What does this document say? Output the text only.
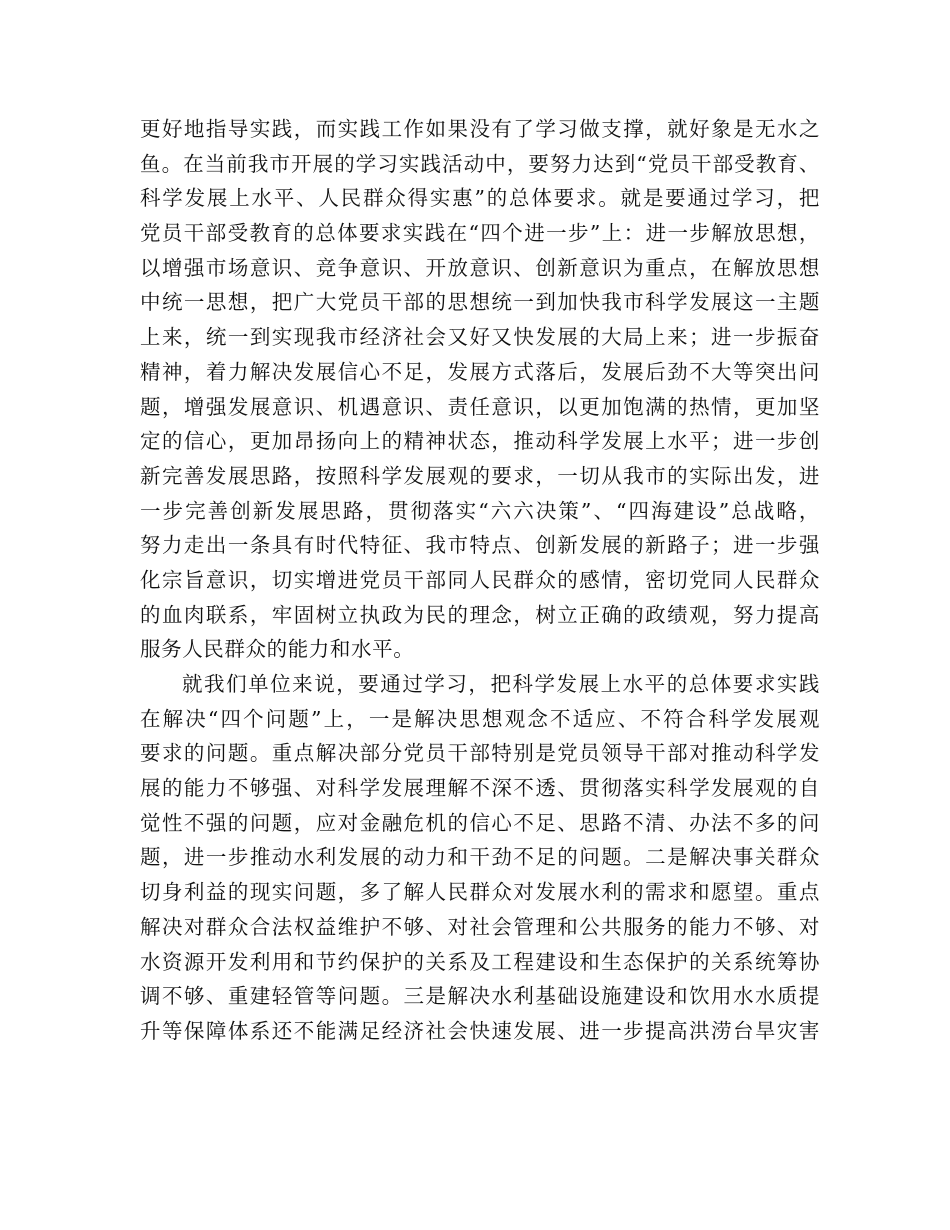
更好地指导实践，而实践工作如果没有了学习做支撑，就好象是无水之
鱼。在当前我市开展的学习实践活动中，要努力达到“党员干部受教育、
科学发展上水平、人民群众得实惠”的总体要求。就是要通过学习，把
党员干部受教育的总体要求实践在“四个进一步”上：进一步解放思想，
以增强市场意识、竞争意识、开放意识、创新意识为重点，在解放思想
中统一思想，把广大党员干部的思想统一到加快我市科学发展这一主题
上来，统一到实现我市经济社会又好又快发展的大局上来；进一步振奋
精神，着力解决发展信心不足，发展方式落后，发展后劲不大等突出问
题，增强发展意识、机遇意识、责任意识，以更加饱满的热情，更加坚
定的信心，更加昂扬向上的精神状态，推动科学发展上水平；进一步创
新完善发展思路，按照科学发展观的要求，一切从我市的实际出发，进
一步完善创新发展思路，贯彻落实“六六决策”、“四海建设”总战略，
努力走出一条具有时代特征、我市特点、创新发展的新路子；进一步强
化宗旨意识，切实增进党员干部同人民群众的感情，密切党同人民群众
的血肉联系，牢固树立执政为民的理念，树立正确的政绩观，努力提高
服务人民群众的能力和水平。
就我们单位来说，要通过学习，把科学发展上水平的总体要求实践
在解决“四个问题”上，一是解决思想观念不适应、不符合科学发展观
要求的问题。重点解决部分党员干部特别是党员领导干部对推动科学发
展的能力不够强、对科学发展理解不深不透、贯彻落实科学发展观的自
觉性不强的问题，应对金融危机的信心不足、思路不清、办法不多的问
题，进一步推动水利发展的动力和干劲不足的问题。二是解决事关群众
切身利益的现实问题，多了解人民群众对发展水利的需求和愿望。重点
解决对群众合法权益维护不够、对社会管理和公共服务的能力不够、对
水资源开发利用和节约保护的关系及工程建设和生态保护的关系统筹协
调不够、重建轻管等问题。三是解决水利基础设施建设和饮用水水质提
升等保障体系还不能满足经济社会快速发展、进一步提高洪涝台旱灾害
